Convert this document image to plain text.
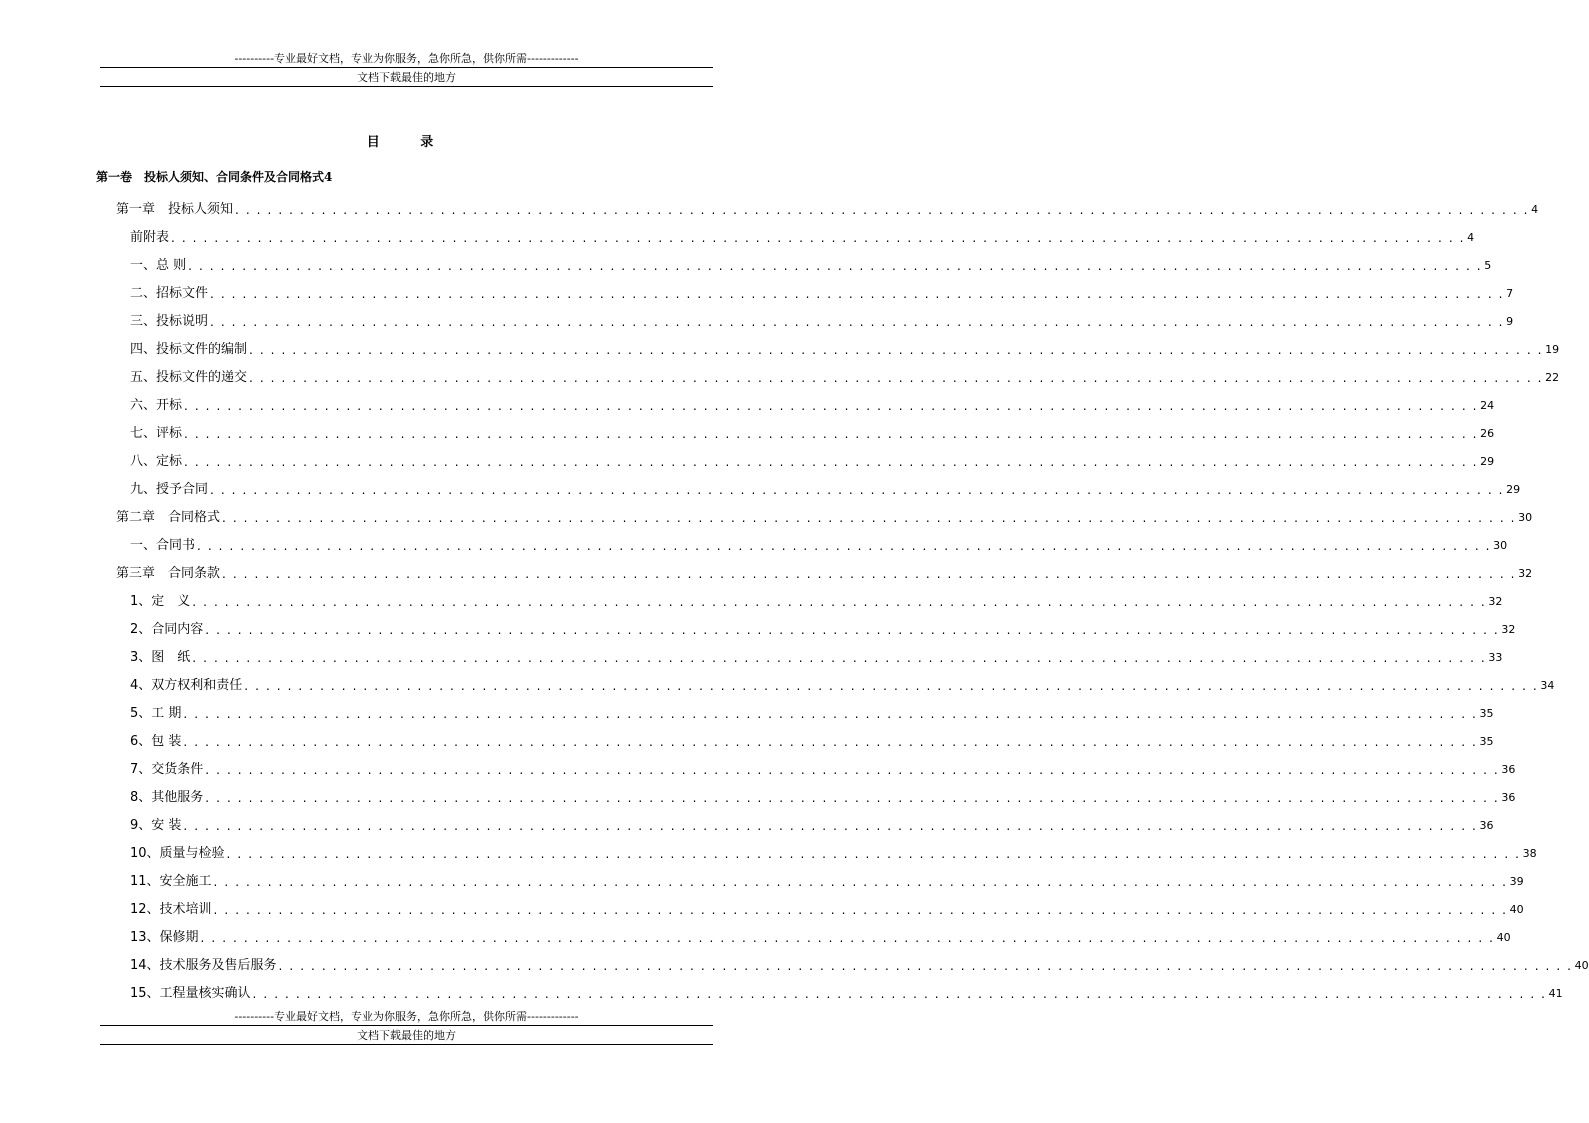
----------专业最好文档，专业为你服务，急你所急，供你所需-------------
文档下载最佳的地方
目 录
第一卷　投标人须知、合同条件及合同格式4
第一章　投标人须知 . . . . . . . . . . . . . . . . . . . . . . . . . . . . . . . . . . . . . . . . . . . . . . . . . . . . . . . . . . . . . . . . . . . . . . . . . . . . . . . . . . . . . . . . . . . . . . . . . . . . . . . . . . . . . . . . . . . . . . . . 4
前附表 . . . . . . . . . . . . . . . . . . . . . . . . . . . . . . . . . . . . . . . . . . . . . . . . . . . . . . . . . . . . . . . . . . . . . . . . . . . . . . . . . . . . . . . . . . . . . . . . . . . . . . . . . . . . . . . . . . . . . . . . 4
一、总 则 . . . . . . . . . . . . . . . . . . . . . . . . . . . . . . . . . . . . . . . . . . . . . . . . . . . . . . . . . . . . . . . . . . . . . . . . . . . . . . . . . . . . . . . . . . . . . . . . . . . . . . . . . . . . . . . . . . . . . . . . 5
二、招标文件 . . . . . . . . . . . . . . . . . . . . . . . . . . . . . . . . . . . . . . . . . . . . . . . . . . . . . . . . . . . . . . . . . . . . . . . . . . . . . . . . . . . . . . . . . . . . . . . . . . . . . . . . . . . . . . . . . . . . . . . . 7
三、投标说明 . . . . . . . . . . . . . . . . . . . . . . . . . . . . . . . . . . . . . . . . . . . . . . . . . . . . . . . . . . . . . . . . . . . . . . . . . . . . . . . . . . . . . . . . . . . . . . . . . . . . . . . . . . . . . . . . . . . . . . . . 9
四、投标文件的编制 . . . . . . . . . . . . . . . . . . . . . . . . . . . . . . . . . . . . . . . . . . . . . . . . . . . . . . . . . . . . . . . . . . . . . . . . . . . . . . . . . . . . . . . . . . . . . . . . . . . . . . . . . . . . . . . . . . . . . . . . 19
五、投标文件的递交 . . . . . . . . . . . . . . . . . . . . . . . . . . . . . . . . . . . . . . . . . . . . . . . . . . . . . . . . . . . . . . . . . . . . . . . . . . . . . . . . . . . . . . . . . . . . . . . . . . . . . . . . . . . . . . . . . . . . . . . . 22
六、开标 . . . . . . . . . . . . . . . . . . . . . . . . . . . . . . . . . . . . . . . . . . . . . . . . . . . . . . . . . . . . . . . . . . . . . . . . . . . . . . . . . . . . . . . . . . . . . . . . . . . . . . . . . . . . . . . . . . . . . . . . 24
七、评标 . . . . . . . . . . . . . . . . . . . . . . . . . . . . . . . . . . . . . . . . . . . . . . . . . . . . . . . . . . . . . . . . . . . . . . . . . . . . . . . . . . . . . . . . . . . . . . . . . . . . . . . . . . . . . . . . . . . . . . . . 26
八、定标 . . . . . . . . . . . . . . . . . . . . . . . . . . . . . . . . . . . . . . . . . . . . . . . . . . . . . . . . . . . . . . . . . . . . . . . . . . . . . . . . . . . . . . . . . . . . . . . . . . . . . . . . . . . . . . . . . . . . . . . . 29
九、授予合同 . . . . . . . . . . . . . . . . . . . . . . . . . . . . . . . . . . . . . . . . . . . . . . . . . . . . . . . . . . . . . . . . . . . . . . . . . . . . . . . . . . . . . . . . . . . . . . . . . . . . . . . . . . . . . . . . . . . . . . . . 29
第二章　合同格式 . . . . . . . . . . . . . . . . . . . . . . . . . . . . . . . . . . . . . . . . . . . . . . . . . . . . . . . . . . . . . . . . . . . . . . . . . . . . . . . . . . . . . . . . . . . . . . . . . . . . . . . . . . . . . . . . . . . . . . . . 30
一、合同书 . . . . . . . . . . . . . . . . . . . . . . . . . . . . . . . . . . . . . . . . . . . . . . . . . . . . . . . . . . . . . . . . . . . . . . . . . . . . . . . . . . . . . . . . . . . . . . . . . . . . . . . . . . . . . . . . . . . . . . . . 30
第三章　合同条款 . . . . . . . . . . . . . . . . . . . . . . . . . . . . . . . . . . . . . . . . . . . . . . . . . . . . . . . . . . . . . . . . . . . . . . . . . . . . . . . . . . . . . . . . . . . . . . . . . . . . . . . . . . . . . . . . . . . . . . . . 32
1、定　义 . . . . . . . . . . . . . . . . . . . . . . . . . . . . . . . . . . . . . . . . . . . . . . . . . . . . . . . . . . . . . . . . . . . . . . . . . . . . . . . . . . . . . . . . . . . . . . . . . . . . . . . . . . . . . . . . . . . . . . . . 32
2、合同内容 . . . . . . . . . . . . . . . . . . . . . . . . . . . . . . . . . . . . . . . . . . . . . . . . . . . . . . . . . . . . . . . . . . . . . . . . . . . . . . . . . . . . . . . . . . . . . . . . . . . . . . . . . . . . . . . . . . . . . . . . 32
3、图　纸 . . . . . . . . . . . . . . . . . . . . . . . . . . . . . . . . . . . . . . . . . . . . . . . . . . . . . . . . . . . . . . . . . . . . . . . . . . . . . . . . . . . . . . . . . . . . . . . . . . . . . . . . . . . . . . . . . . . . . . . . 33
4、双方权利和责任 . . . . . . . . . . . . . . . . . . . . . . . . . . . . . . . . . . . . . . . . . . . . . . . . . . . . . . . . . . . . . . . . . . . . . . . . . . . . . . . . . . . . . . . . . . . . . . . . . . . . . . . . . . . . . . . . . . . . . . . . 34
5、工 期 . . . . . . . . . . . . . . . . . . . . . . . . . . . . . . . . . . . . . . . . . . . . . . . . . . . . . . . . . . . . . . . . . . . . . . . . . . . . . . . . . . . . . . . . . . . . . . . . . . . . . . . . . . . . . . . . . . . . . . . . 35
6、包 装 . . . . . . . . . . . . . . . . . . . . . . . . . . . . . . . . . . . . . . . . . . . . . . . . . . . . . . . . . . . . . . . . . . . . . . . . . . . . . . . . . . . . . . . . . . . . . . . . . . . . . . . . . . . . . . . . . . . . . . . . 35
7、交货条件 . . . . . . . . . . . . . . . . . . . . . . . . . . . . . . . . . . . . . . . . . . . . . . . . . . . . . . . . . . . . . . . . . . . . . . . . . . . . . . . . . . . . . . . . . . . . . . . . . . . . . . . . . . . . . . . . . . . . . . . . 36
8、其他服务 . . . . . . . . . . . . . . . . . . . . . . . . . . . . . . . . . . . . . . . . . . . . . . . . . . . . . . . . . . . . . . . . . . . . . . . . . . . . . . . . . . . . . . . . . . . . . . . . . . . . . . . . . . . . . . . . . . . . . . . . 36
9、安 装 . . . . . . . . . . . . . . . . . . . . . . . . . . . . . . . . . . . . . . . . . . . . . . . . . . . . . . . . . . . . . . . . . . . . . . . . . . . . . . . . . . . . . . . . . . . . . . . . . . . . . . . . . . . . . . . . . . . . . . . . 36
10、质量与检验 . . . . . . . . . . . . . . . . . . . . . . . . . . . . . . . . . . . . . . . . . . . . . . . . . . . . . . . . . . . . . . . . . . . . . . . . . . . . . . . . . . . . . . . . . . . . . . . . . . . . . . . . . . . . . . . . . . . . . . . . 38
11、安全施工 . . . . . . . . . . . . . . . . . . . . . . . . . . . . . . . . . . . . . . . . . . . . . . . . . . . . . . . . . . . . . . . . . . . . . . . . . . . . . . . . . . . . . . . . . . . . . . . . . . . . . . . . . . . . . . . . . . . . . . . . 39
12、技术培训 . . . . . . . . . . . . . . . . . . . . . . . . . . . . . . . . . . . . . . . . . . . . . . . . . . . . . . . . . . . . . . . . . . . . . . . . . . . . . . . . . . . . . . . . . . . . . . . . . . . . . . . . . . . . . . . . . . . . . . . . 40
13、保修期 . . . . . . . . . . . . . . . . . . . . . . . . . . . . . . . . . . . . . . . . . . . . . . . . . . . . . . . . . . . . . . . . . . . . . . . . . . . . . . . . . . . . . . . . . . . . . . . . . . . . . . . . . . . . . . . . . . . . . . . . 40
14、技术服务及售后服务 . . . . . . . . . . . . . . . . . . . . . . . . . . . . . . . . . . . . . . . . . . . . . . . . . . . . . . . . . . . . . . . . . . . . . . . . . . . . . . . . . . . . . . . . . . . . . . . . . . . . . . . . . . . . . . . . . . . . . . . . 40
15、工程量核实确认 . . . . . . . . . . . . . . . . . . . . . . . . . . . . . . . . . . . . . . . . . . . . . . . . . . . . . . . . . . . . . . . . . . . . . . . . . . . . . . . . . . . . . . . . . . . . . . . . . . . . . . . . . . . . . . . . . . . . . . . . 41
----------专业最好文档，专业为你服务，急你所急，供你所需-------------
文档下载最佳的地方
